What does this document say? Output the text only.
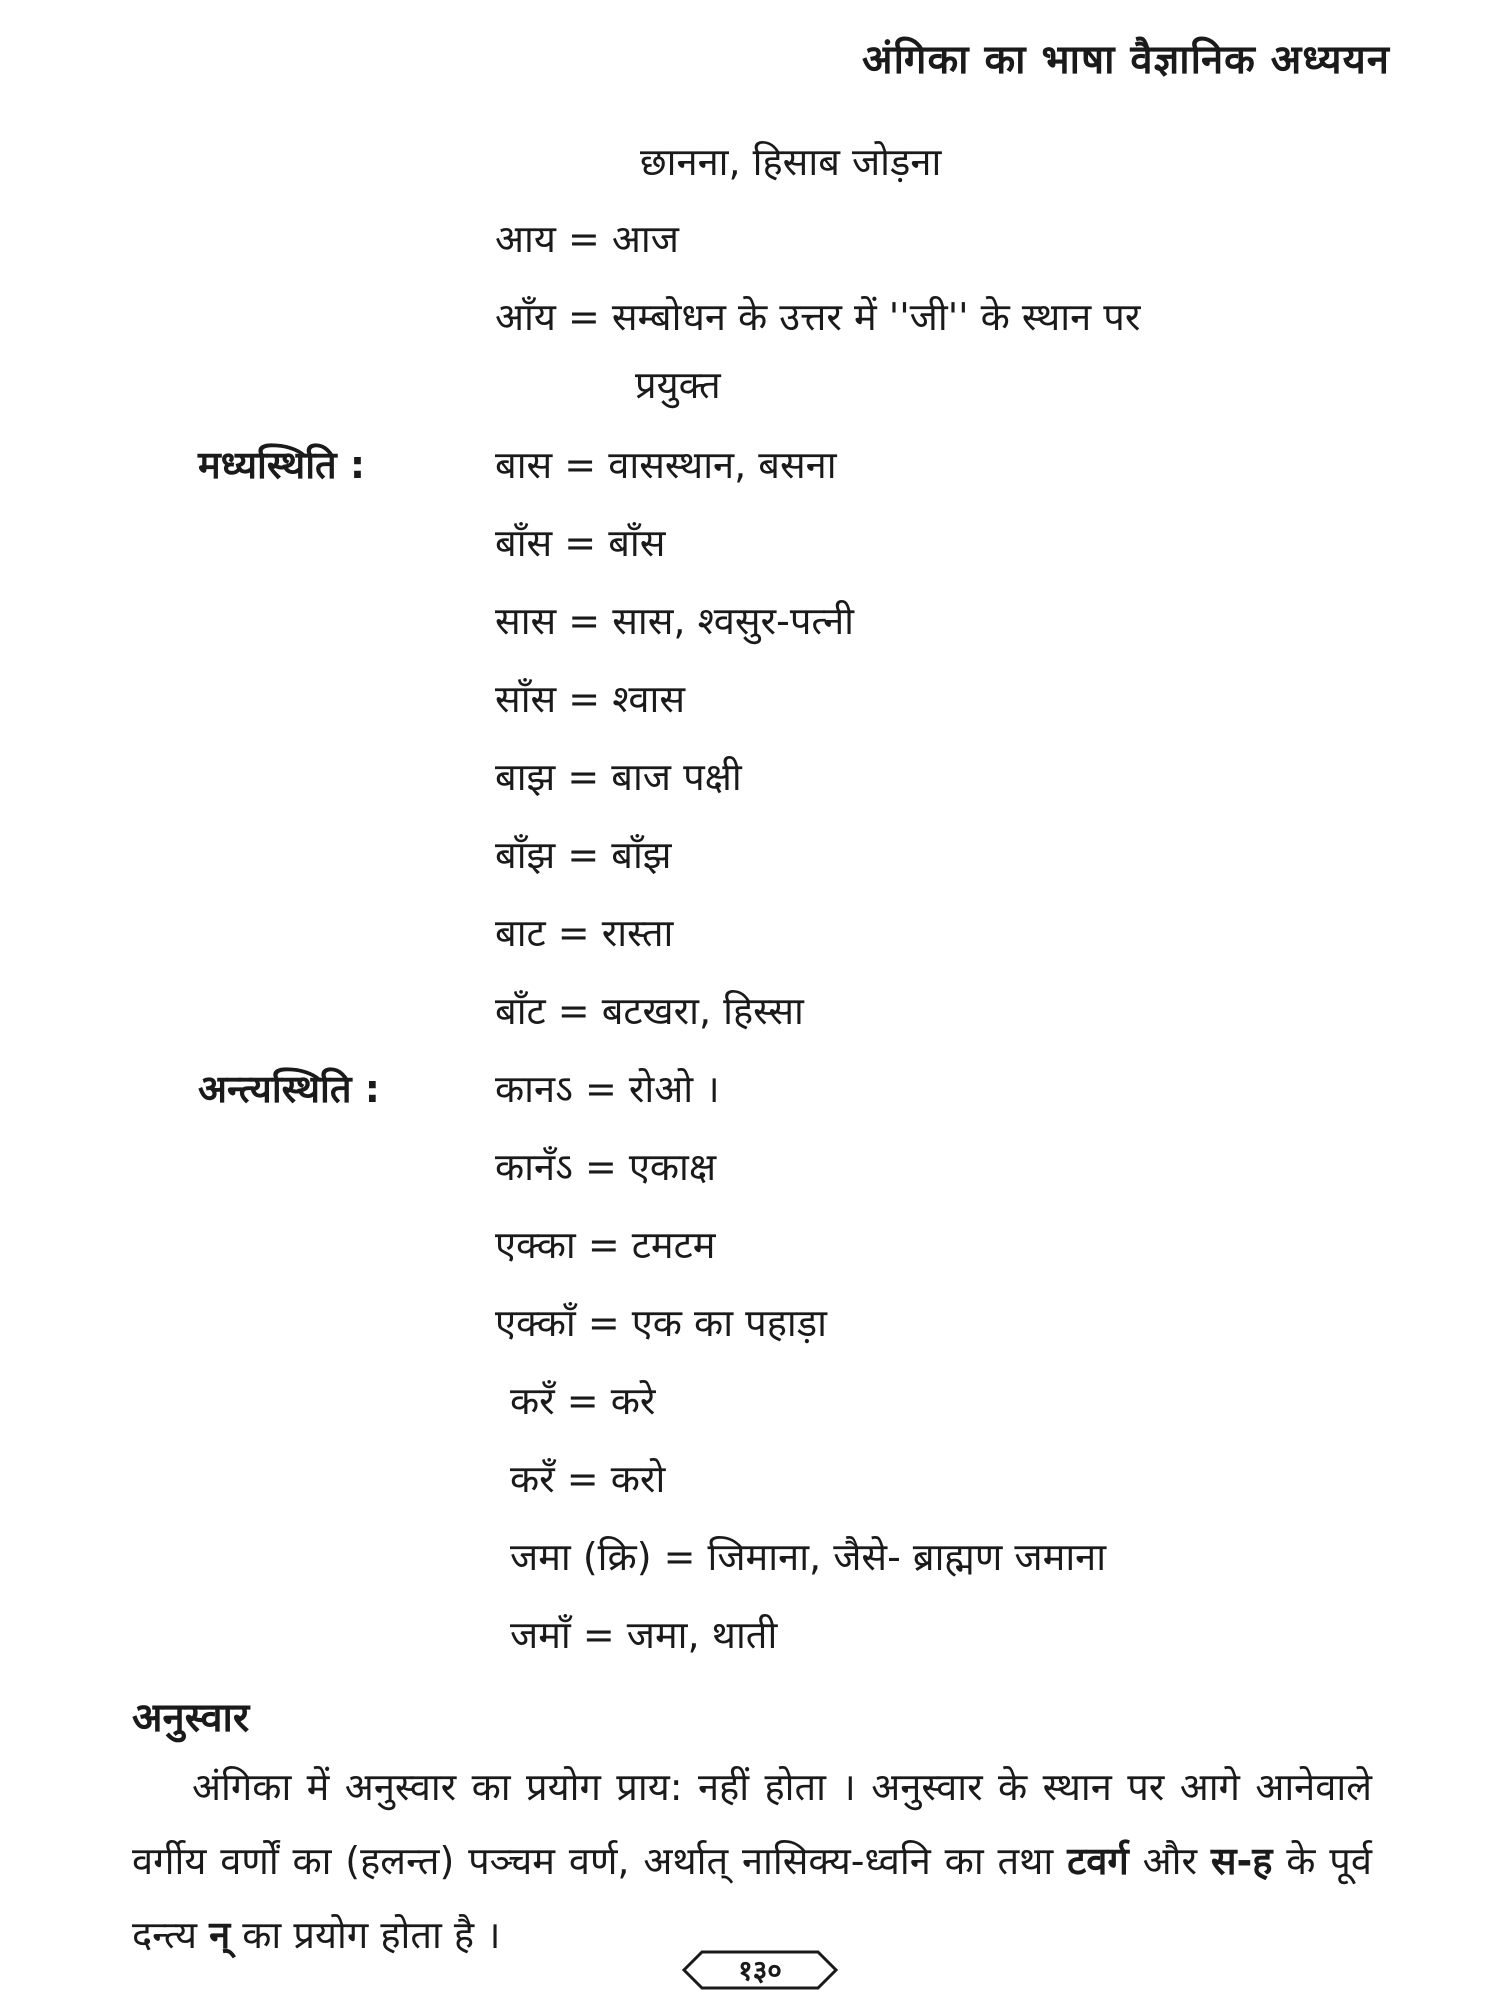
अंगिका का भाषा वैज्ञानिक अध्ययन
छानना, हिसाब जोड़ना
आय = आज
आँय = सम्बोधन के उत्तर में ''जी'' के स्थान पर
प्रयुक्त
मध्यस्थिति :	बास = वासस्थान, बसना
बाँस = बाँस
सास = सास, श्वसुर-पत्नी
साँस = श्वास
बाझ = बाज पक्षी
बाँझ = बाँझ
बाट = रास्ता
बाँट = बटखरा, हिस्सा
अन्त्यस्थिति :	कानऽ = रोओ ।
कानँऽ = एकाक्ष
एक्का = टमटम
एक्काँ = एक का पहाड़ा
करँ = करे
करँ = करो
जमा (क्रि) = जिमाना, जैसे- ब्राह्मण जमाना
जमाँ = जमा, थाती
अनुस्वार
अंगिका में अनुस्वार का प्रयोग प्राय: नहीं होता । अनुस्वार के स्थान पर आगे आनेवाले वर्गीय वर्णों का (हलन्त) पञ्चम वर्ण, अर्थात् नासिक्य-ध्वनि का तथा टवर्ग और स-ह के पूर्व दन्त्य न् का प्रयोग होता है ।
१३०
